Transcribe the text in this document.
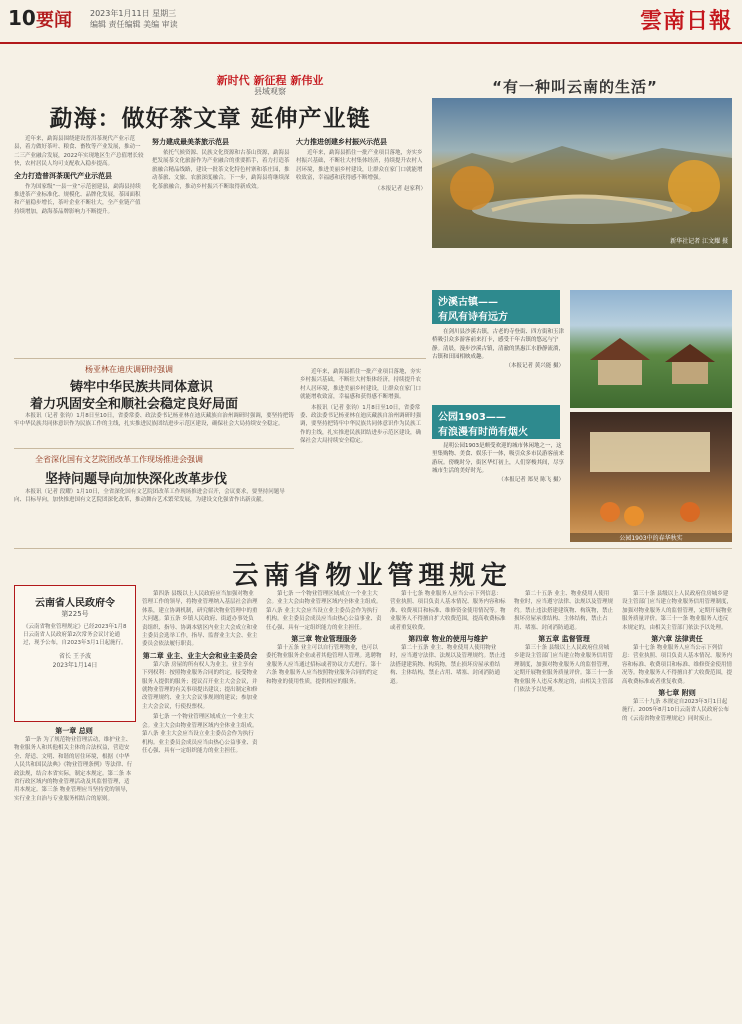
10 要闻 2023年1月11日 星期三
编辑 责任编辑 美编 审读	雲南日報
新时代 新征程 新伟业
县域观察
勐海：做好茶文章 延伸产业链

近年来，勐海县围绕建设普洱茶现代产业示范县，着力做好茶叶、粮食、畜牧等产业发展，推动一二三产业融合发展，2022年实现地区生产总值增长较快，农村居民人均可支配收入稳步提高。

全力打造普洱茶现代产业示范县

作为国家级“一县一业”示范创建县，勐海县持续推进茶产业标准化、规模化、品牌化发展，茶园面积和产量稳步增长，茶叶企业不断壮大，全产业链产值持续增加，勐海茶品牌影响力不断提升。

努力建成最美茶旅示范县

依托气候资源、民族文化资源和古茶山资源，勐海县把发展茶文化旅游作为产业融合的重要抓手，着力打造茶旅融合精品线路，建设一批茶文化特色村寨和茶庄园，推动茶旅、文旅、农旅深度融合。下一步，勐海县将继续深化茶旅融合，推动乡村振兴不断取得新成效。

大力推进创建乡村振兴示范县

近年来，勐海县抓住一批产业项目落地，夯实乡村振兴基础，不断壮大村集体经济，持续提升农村人居环境，推进美丽乡村建设，让群众在家门口就能增收致富，幸福感和获得感不断增强。

（本报记者 赵家利）

杨亚林在迪庆调研时强调
铸牢中华民族共同体意识
着力巩固安全和顺社会稳定良好局面

本报讯（记者 张钧）1月8日至10日，省委常委、政法委书记杨亚林在迪庆藏族自治州调研时强调，要坚持把铸牢中华民族共同体意识作为民族工作的主线，扎实推进民族团结进步示范区建设，确保社会大局持续安全稳定。

全省深化国有文艺院团改革工作现场推进会强调
坚持问题导向加快深化改革步伐

本报讯（记者 段耀）1月10日，全省深化国有文艺院团改革工作现场推进会召开，会议要求，要坚持问题导向、目标导向，加快推进国有文艺院团深化改革，推动舞台艺术繁荣发展，为建设文化强省作出新贡献。

近年来，勐海县抓住一批产业项目落地，夯实乡村振兴基础，不断壮大村集体经济，持续提升农村人居环境，推进美丽乡村建设，让群众在家门口就能增收致富，幸福感和获得感不断增强。

本报讯（记者 张钧）1月8日至10日，省委常委、政法委书记杨亚林在迪庆藏族自治州调研时强调，要坚持把铸牢中华民族共同体意识作为民族工作的主线，扎实推进民族团结进步示范区建设，确保社会大局持续安全稳定。

“有一种叫云南的生活”
新华社记者 江文耀 摄
沙溪古镇——
有风有诗有远方

在剑川县沙溪古镇，古老的寺登街、四方街和玉津桥吸引众多游客前来打卡，感受千年古镇的悠远与宁静。清晨，漫步沙溪古镇，清澈的黑惠江水静静流淌，古镇和田园相映成趣。

（本报记者 黄兴能 摄）

公园1903——
有浪漫有时尚有烟火

昆明公园1903是颇受欢迎的城市休闲地之一，这里集购物、美食、娱乐于一体，吸引众多市民游客前来游玩。傍晚时分，街区华灯初上，人们穿梭其间，尽享城市生活的美好时光。

（本报记者 郑昊 陈飞 摄）

公园1903中的春华秋实
云南省人民政府令
第225号
《云南省物业管理规定》已经2023年1月8日云南省人民政府第2次常务会议讨论通过，现予公布，自2023年3月1日起施行。
省长 王予波
2023年1月14日
云南省物业管理规定
第一章 总则

第一条 为了规范物业管理活动，维护业主、物业服务人和其他相关主体的合法权益，营造安全、舒适、文明、和谐的居住环境，根据《中华人民共和国民法典》《物业管理条例》等法律、行政法规，结合本省实际，制定本规定。第二条 本省行政区域内的物业管理活动及其监督管理，适用本规定。第三条 物业管理应当坚持党的领导，实行业主自治与专业服务相结合的原则。

第四条 县级以上人民政府应当加强对物业管理工作的领导，将物业管理纳入基层社会治理体系，建立协调机制，研究解决物业管理中的重大问题。第五条 乡镇人民政府、街道办事处负责组织、指导、协调本辖区内业主大会成立和业主委员会选举工作，指导、监督业主大会、业主委员会依法履行职责。

第二章 业主、业主大会和业主委员会

第六条 房屋的所有权人为业主。业主享有下列权利：按照物业服务合同的约定，接受物业服务人提供的服务；提议召开业主大会会议，并就物业管理的有关事项提出建议；提出制定和修改管理规约、业主大会议事规则的建议；参加业主大会会议，行使投票权。

第七条 一个物业管理区域成立一个业主大会。业主大会由物业管理区域内全体业主组成。第八条 业主大会应当设立业主委员会作为执行机构。业主委员会成员应当由热心公益事业、责任心强、具有一定组织能力的业主担任。

第七条 一个物业管理区域成立一个业主大会。业主大会由物业管理区域内全体业主组成。第八条 业主大会应当设立业主委员会作为执行机构。业主委员会成员应当由热心公益事业、责任心强、具有一定组织能力的业主担任。

第三章 物业管理服务

第十五条 业主可以自行管理物业，也可以委托物业服务企业或者其他管理人管理。选聘物业服务人应当通过招标或者协议方式进行。第十六条 物业服务人应当按照物业服务合同的约定和物业的使用性质，提供相应的服务。

第十七条 物业服务人应当公示下列信息：营业执照、项目负责人基本情况、服务内容和标准、收费项目和标准、维修资金使用情况等。物业服务人不得擅自扩大收费范围，提高收费标准或者重复收费。

第四章 物业的使用与维护

第二十五条 业主、物业使用人使用物业时，应当遵守法律、法规以及管理规约。禁止违法搭建建筑物、构筑物，禁止损坏房屋承重结构、主体结构，禁止占用、堵塞、封闭消防通道。

第二十五条 业主、物业使用人使用物业时，应当遵守法律、法规以及管理规约。禁止违法搭建建筑物、构筑物，禁止损坏房屋承重结构、主体结构，禁止占用、堵塞、封闭消防通道。

第五章 监督管理

第三十条 县级以上人民政府住房城乡建设主管部门应当建立物业服务信用管理制度，加强对物业服务人的监督管理，定期开展物业服务质量评价。第三十一条 物业服务人违反本规定的，由相关主管部门依法予以处理。

第三十条 县级以上人民政府住房城乡建设主管部门应当建立物业服务信用管理制度，加强对物业服务人的监督管理，定期开展物业服务质量评价。第三十一条 物业服务人违反本规定的，由相关主管部门依法予以处理。

第六章 法律责任

第十七条 物业服务人应当公示下列信息：营业执照、项目负责人基本情况、服务内容和标准、收费项目和标准、维修资金使用情况等。物业服务人不得擅自扩大收费范围，提高收费标准或者重复收费。

第七章 附则

第三十九条 本规定自2023年3月1日起施行。2005年8月10日云南省人民政府公布的《云南省物业管理规定》同时废止。
